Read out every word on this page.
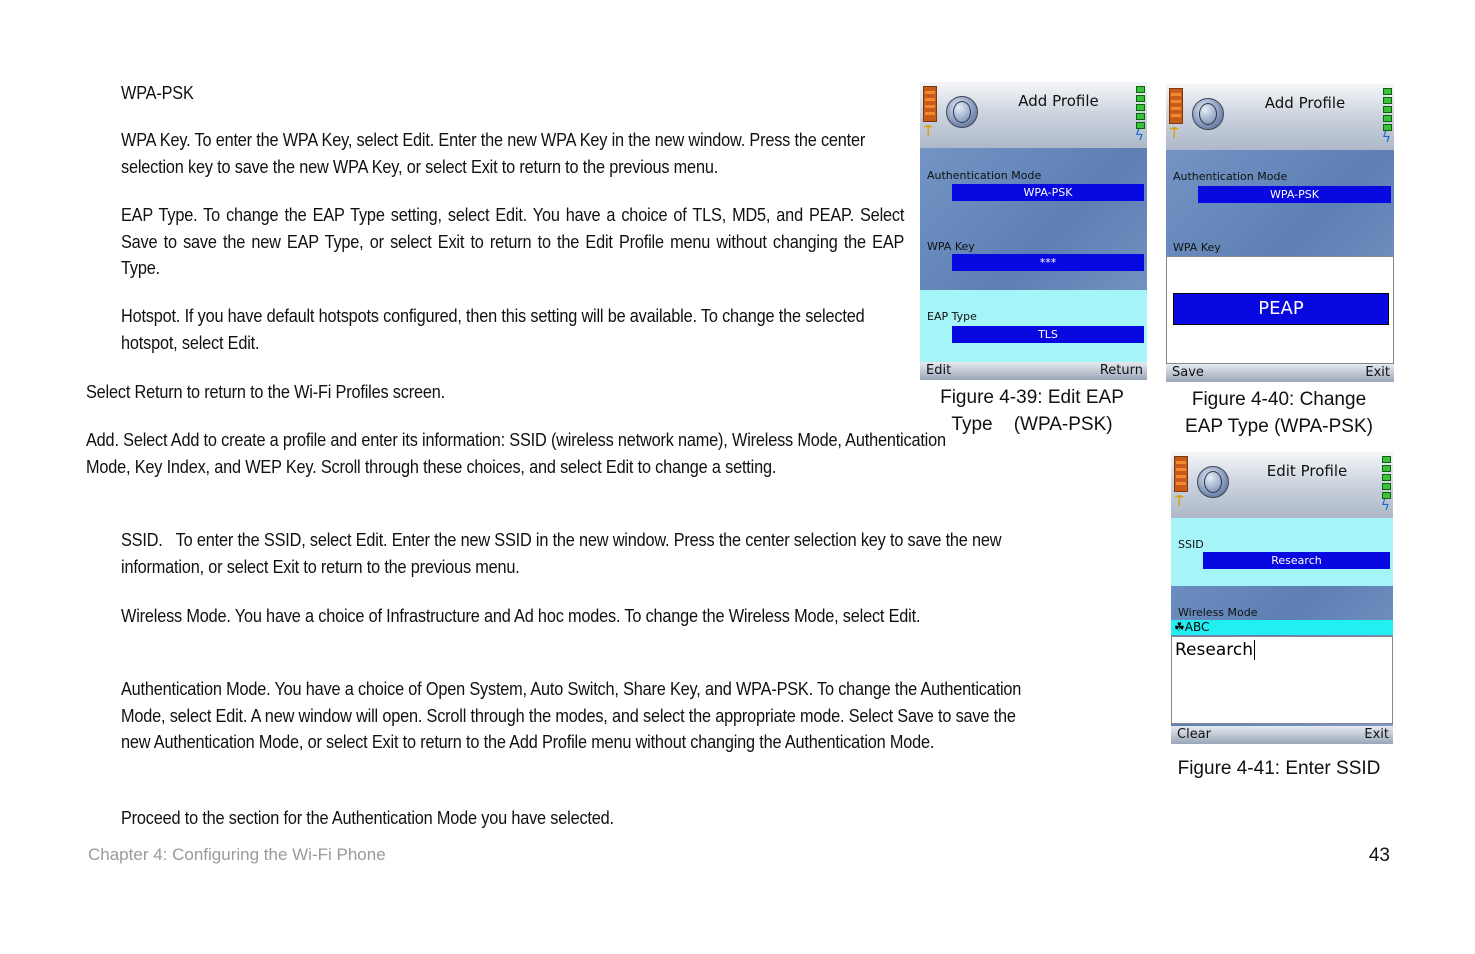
WPA-PSK

WPA Key. To enter the WPA Key, select Edit. Enter the new WPA Key in the new window. Press the center selection key to save the new WPA Key, or select Exit to return to the previous menu.

EAP Type. To change the EAP Type setting, select Edit. You have a choice of TLS, MD5, and PEAP. Select Save to save the new EAP Type, or select Exit to return to the Edit Profile menu without changing the EAP Type.

Hotspot. If you have default hotspots configured, then this setting will be available. To change the selected hotspot, select Edit.

Select Return to return to the Wi-Fi Profiles screen.

Add. Select Add to create a profile and enter its information: SSID (wireless network name), Wireless Mode, Authentication Mode, Key Index, and WEP Key. Scroll through these choices, and select Edit to change a setting.

SSID.   To enter the SSID, select Edit. Enter the new SSID in the new window. Press the center selection key to save the new information, or select Exit to return to the previous menu.

Wireless Mode. You have a choice of Infrastructure and Ad hoc modes. To change the Wireless Mode, select Edit.

Authentication Mode. You have a choice of Open System, Auto Switch, Share Key, and WPA-PSK. To change the Authentication Mode, select Edit. A new window will open. Scroll through the modes, and select the appropriate mode. Select Save to save the new Authentication Mode, or select Exit to return to the Add Profile menu without changing the Authentication Mode.

Proceed to the section for the Authentication Mode you have selected.

Chapter 4: Configuring the Wi-Fi Phone	43
⍑
Add Profile
ϟ
Authentication Mode
WPA-PSK
WPA Key
***
EAP Type
TLS
Edit	Return
Figure 4-39: Edit EAP
Type    (WPA-PSK)
⍑
Add Profile
ϟ
Authentication Mode
WPA-PSK
WPA Key
PEAP
Save	Exit
Figure 4-40: Change
EAP Type (WPA-PSK)
⍑
Edit Profile
ϟ
SSID
Research
Wireless Mode
☘ABC
Research
Clear	Exit
Figure 4-41: Enter SSID
